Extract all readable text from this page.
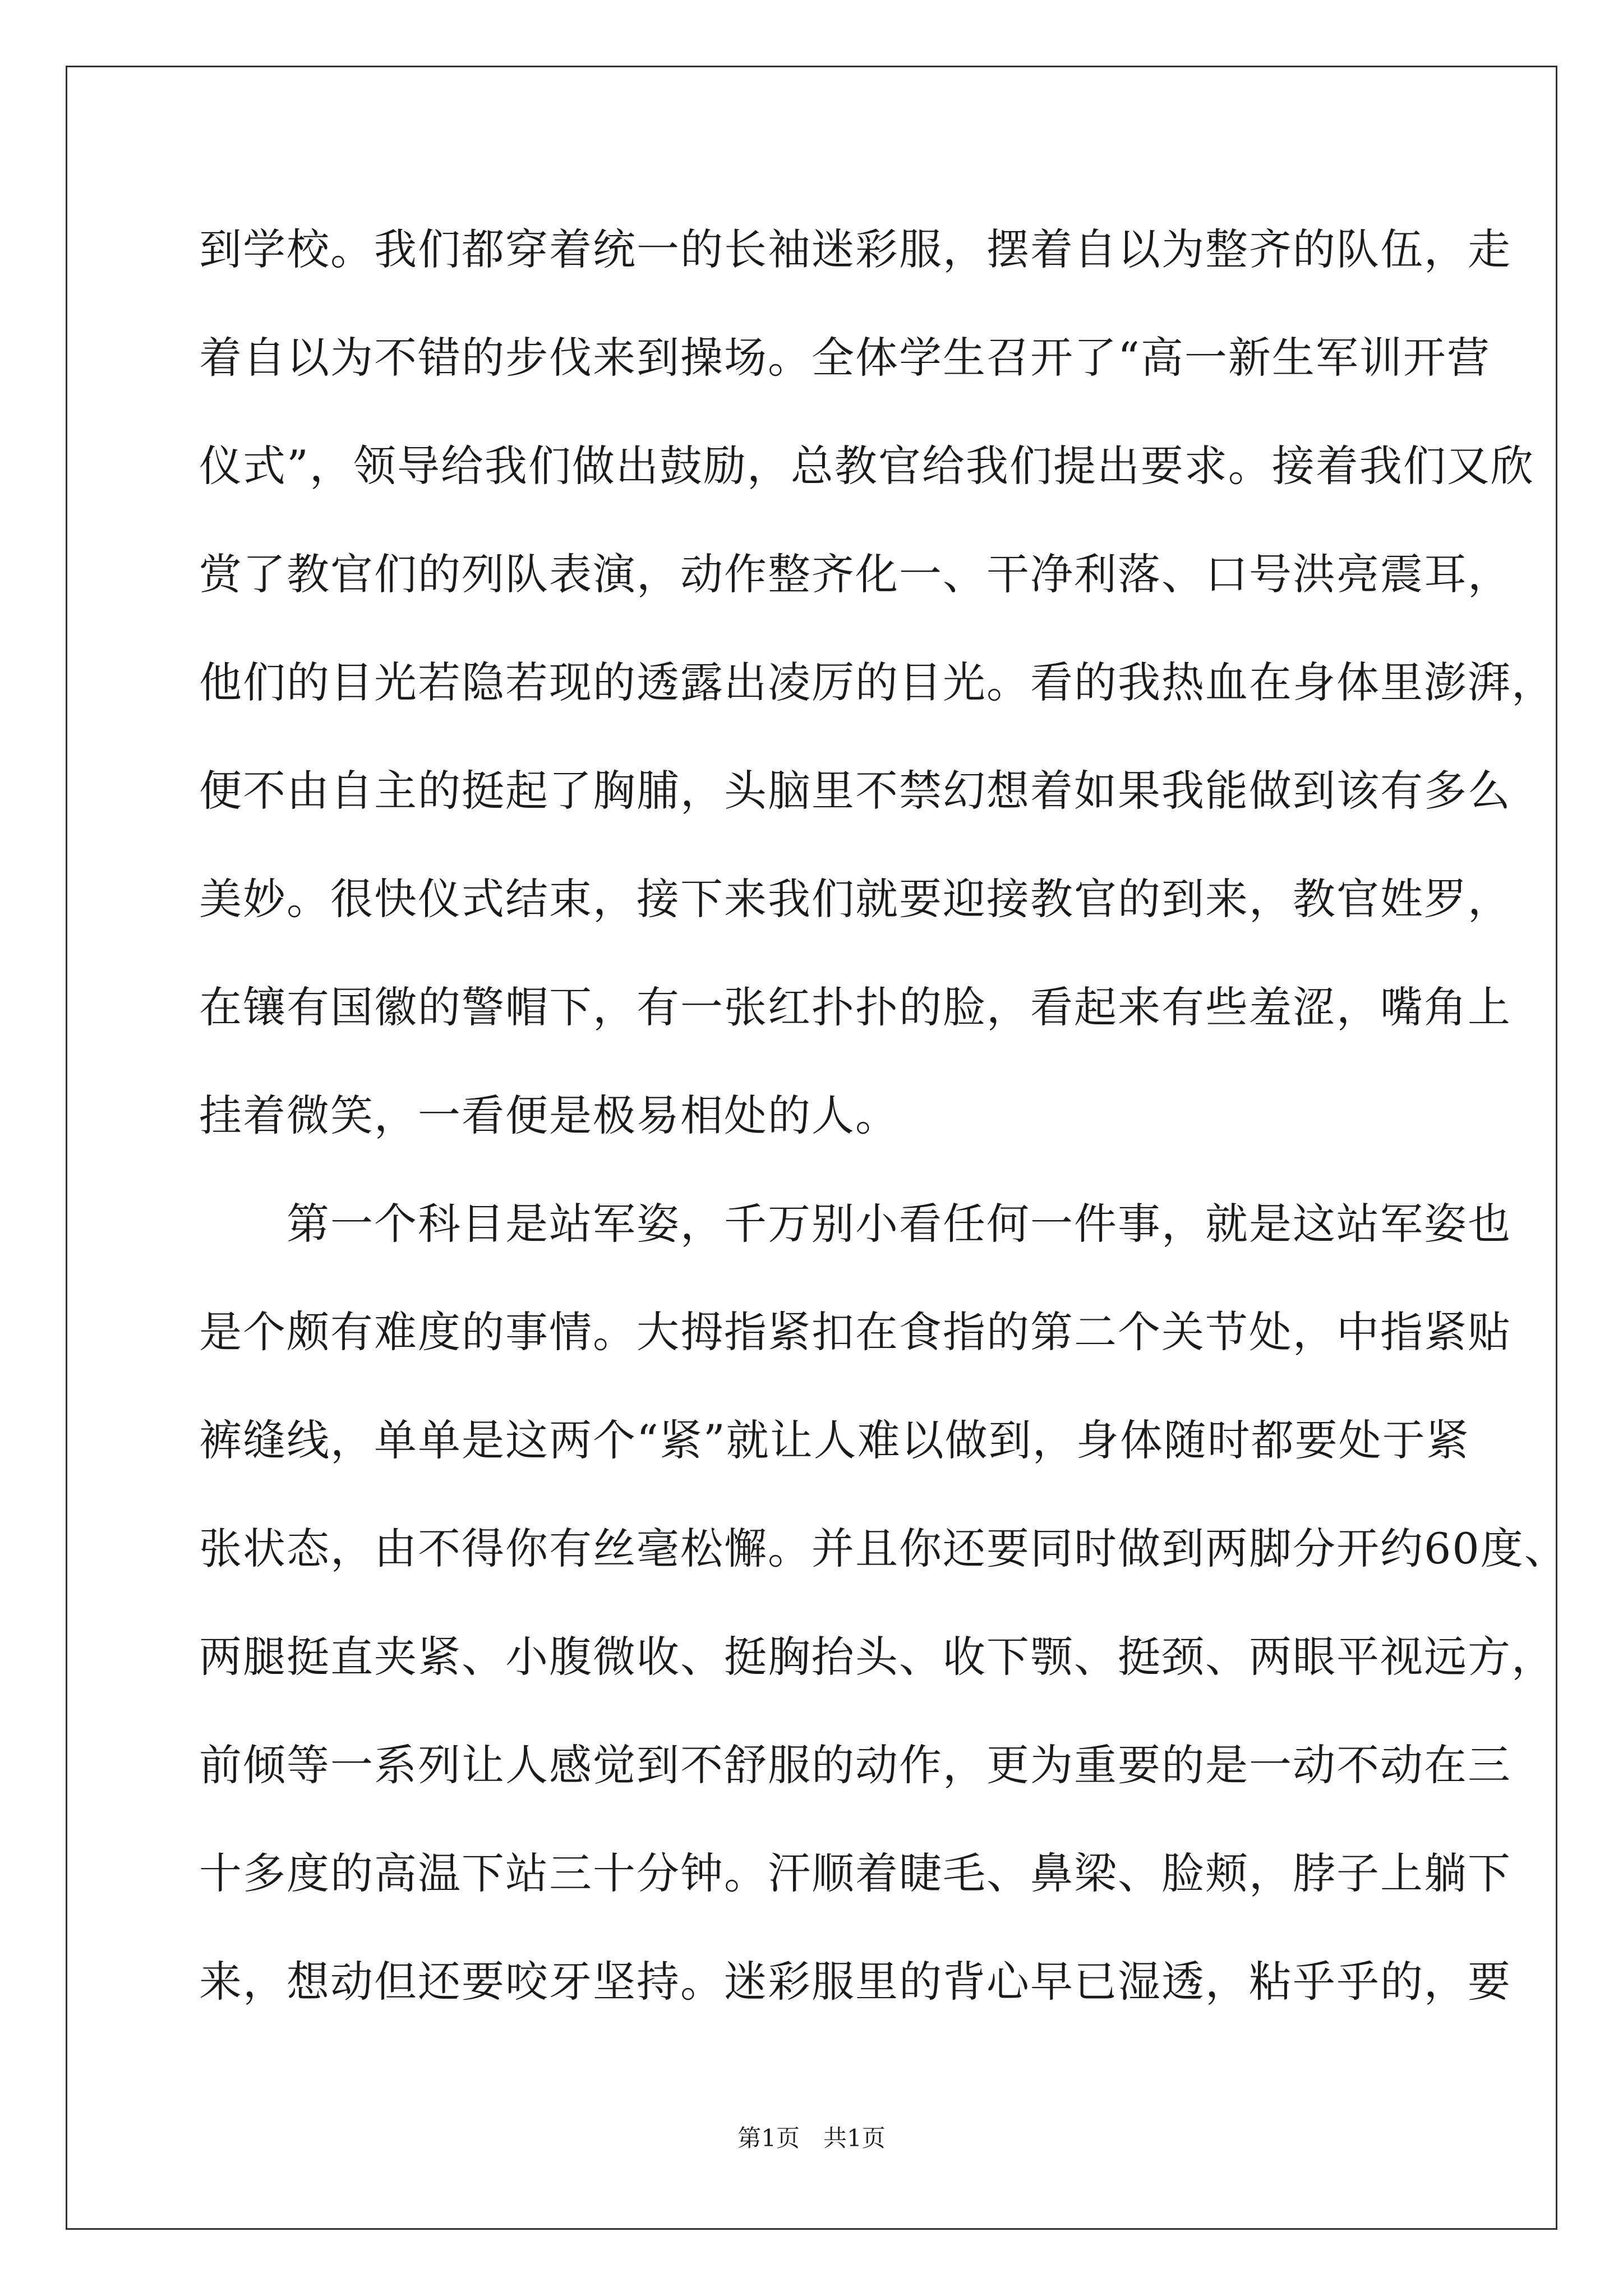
到学校。我们都穿着统一的长袖迷彩服，摆着自以为整齐的队伍，走
着自以为不错的步伐来到操场。全体学生召开了“高一新生军训开营
仪式”，领导给我们做出鼓励，总教官给我们提出要求。接着我们又欣
赏了教官们的列队表演，动作整齐化一、干净利落、口号洪亮震耳，
他们的目光若隐若现的透露出凌厉的目光。看的我热血在身体里澎湃，
便不由自主的挺起了胸脯，头脑里不禁幻想着如果我能做到该有多么
美妙。很快仪式结束，接下来我们就要迎接教官的到来，教官姓罗，
在镶有国徽的警帽下，有一张红扑扑的脸，看起来有些羞涩，嘴角上
挂着微笑，一看便是极易相处的人。
　　第一个科目是站军姿，千万别小看任何一件事，就是这站军姿也
是个颇有难度的事情。大拇指紧扣在食指的第二个关节处，中指紧贴
裤缝线，单单是这两个“紧”就让人难以做到，身体随时都要处于紧
张状态，由不得你有丝毫松懈。并且你还要同时做到两脚分开约60度、
两腿挺直夹紧、小腹微收、挺胸抬头、收下颚、挺颈、两眼平视远方，
前倾等一系列让人感觉到不舒服的动作，更为重要的是一动不动在三
十多度的高温下站三十分钟。汗顺着睫毛、鼻梁、脸颊，脖子上躺下
来，想动但还要咬牙坚持。迷彩服里的背心早已湿透，粘乎乎的，要
第1页　共1页
